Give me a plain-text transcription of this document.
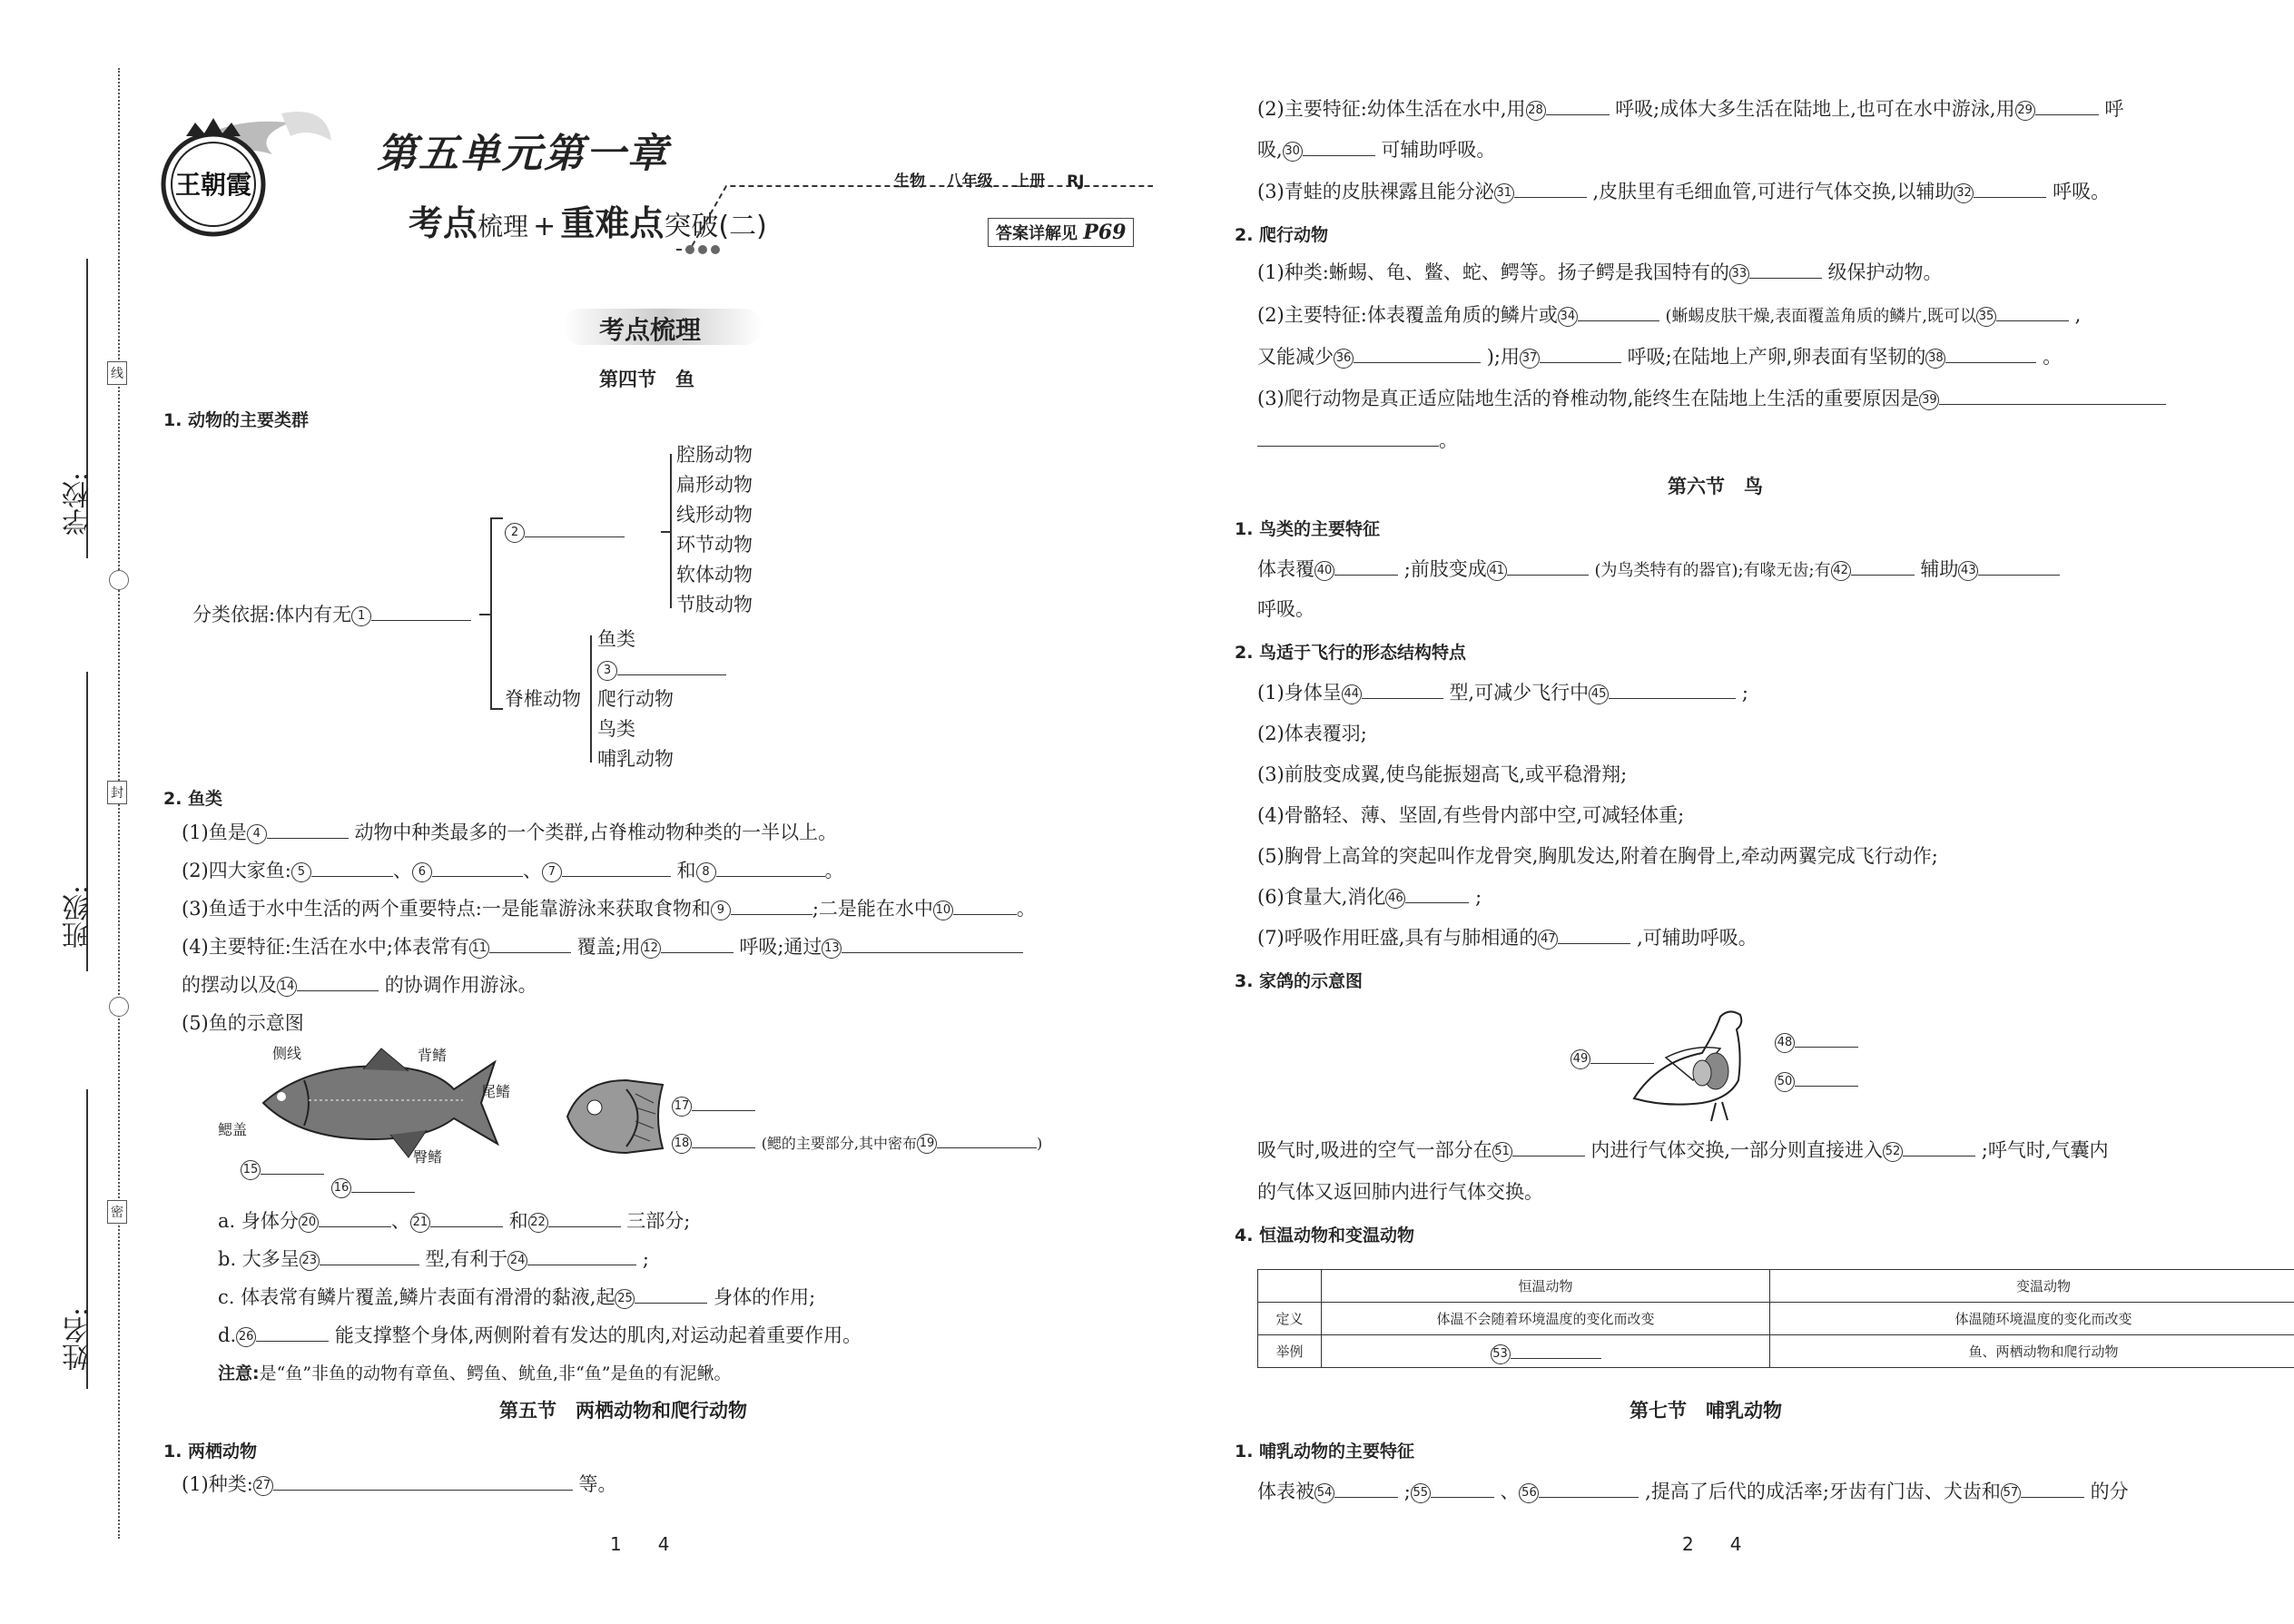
学校:
班级:
姓名:
线
封
密
王朝霞
第五单元第一章
考点梳理 + 重难点突破(二)
生物 八年级 上册 RJ
答案详解见 P69
考点梳理
第四节　鱼
1. 动物的主要类群
分类依据:体内有无 1
2
腔肠动物
扁形动物
线形动物
环节动物
软体动物
节肢动物
脊椎动物
鱼类
3
爬行动物
鸟类
哺乳动物
2. 鱼类
(1)鱼是 4	动物中种类最多的一个类群,占脊椎动物种类的一半以上。
(2)四大家鱼: 5	、 6	、 7	和 8	。
(3)鱼适于水中生活的两个重要特点:一是能靠游泳来获取食物和 9	;二是能在水中 10	。
(4)主要特征:生活在水中;体表常有 11	覆盖;用 12	呼吸;通过 13
的摆动以及 14	的协调作用游泳。
(5)鱼的示意图
侧线	背鳍
尾鳍
鳃盖
臀鳍
15
16
17
18	(鳃的主要部分,其中密布 19	)
a. 身体分 20	、 21	和 22	三部分;
b. 大多呈 23	型,有利于 24	;
c. 体表常有鳞片覆盖,鳞片表面有滑滑的黏液,起 25	身体的作用;
d. 26	能支撑整个身体,两侧附着有发达的肌肉,对运动起着重要作用。
注意:是“鱼”非鱼的动物有章鱼、鳄鱼、鱿鱼,非“鱼”是鱼的有泥鳅。
第五节　两栖动物和爬行动物
1. 两栖动物
(1)种类: 27	等。
1　　4
(2)主要特征:幼体生活在水中,用 28	呼吸;成体大多生活在陆地上,也可在水中游泳,用 29	呼
吸, 30	可辅助呼吸。
(3)青蛙的皮肤裸露且能分泌 31	,皮肤里有毛细血管,可进行气体交换,以辅助 32	呼吸。
2. 爬行动物
(1)种类:蜥蜴、龟、鳖、蛇、鳄等。扬子鳄是我国特有的 33	级保护动物。
(2)主要特征:体表覆盖角质的鳞片或 34	(蜥蜴皮肤干燥,表面覆盖角质的鳞片,既可以 35	,
又能减少 36	);用 37	呼吸;在陆地上产卵,卵表面有坚韧的 38	。
(3)爬行动物是真正适应陆地生活的脊椎动物,能终生在陆地上生活的重要原因是 39
。
第六节　鸟
1. 鸟类的主要特征
体表覆 40	;前肢变成 41	(为鸟类特有的器官);有喙无齿;有 42	辅助 43
呼吸。
2. 鸟适于飞行的形态结构特点
(1)身体呈 44	型,可减少飞行中 45	;
(2)体表覆羽;
(3)前肢变成翼,使鸟能振翅高飞,或平稳滑翔;
(4)骨骼轻、薄、坚固,有些骨内部中空,可减轻体重;
(5)胸骨上高耸的突起叫作龙骨突,胸肌发达,附着在胸骨上,牵动两翼完成飞行动作;
(6)食量大,消化 46	;
(7)呼吸作用旺盛,具有与肺相通的 47	,可辅助呼吸。
3. 家鸽的示意图
49
48
50
吸气时,吸进的空气一部分在 51	内进行气体交换,一部分则直接进入 52	;呼气时,气囊内
的气体又返回肺内进行气体交换。
4. 恒温动物和变温动物
	恒温动物	变温动物
定义	体温不会随着环境温度的变化而改变	体温随环境温度的变化而改变
举例	53	鱼、两栖动物和爬行动物
第七节　哺乳动物
1. 哺乳动物的主要特征
体表被 54	; 55	、 56	,提高了后代的成活率;牙齿有门齿、犬齿和 57	的分
2　　4
